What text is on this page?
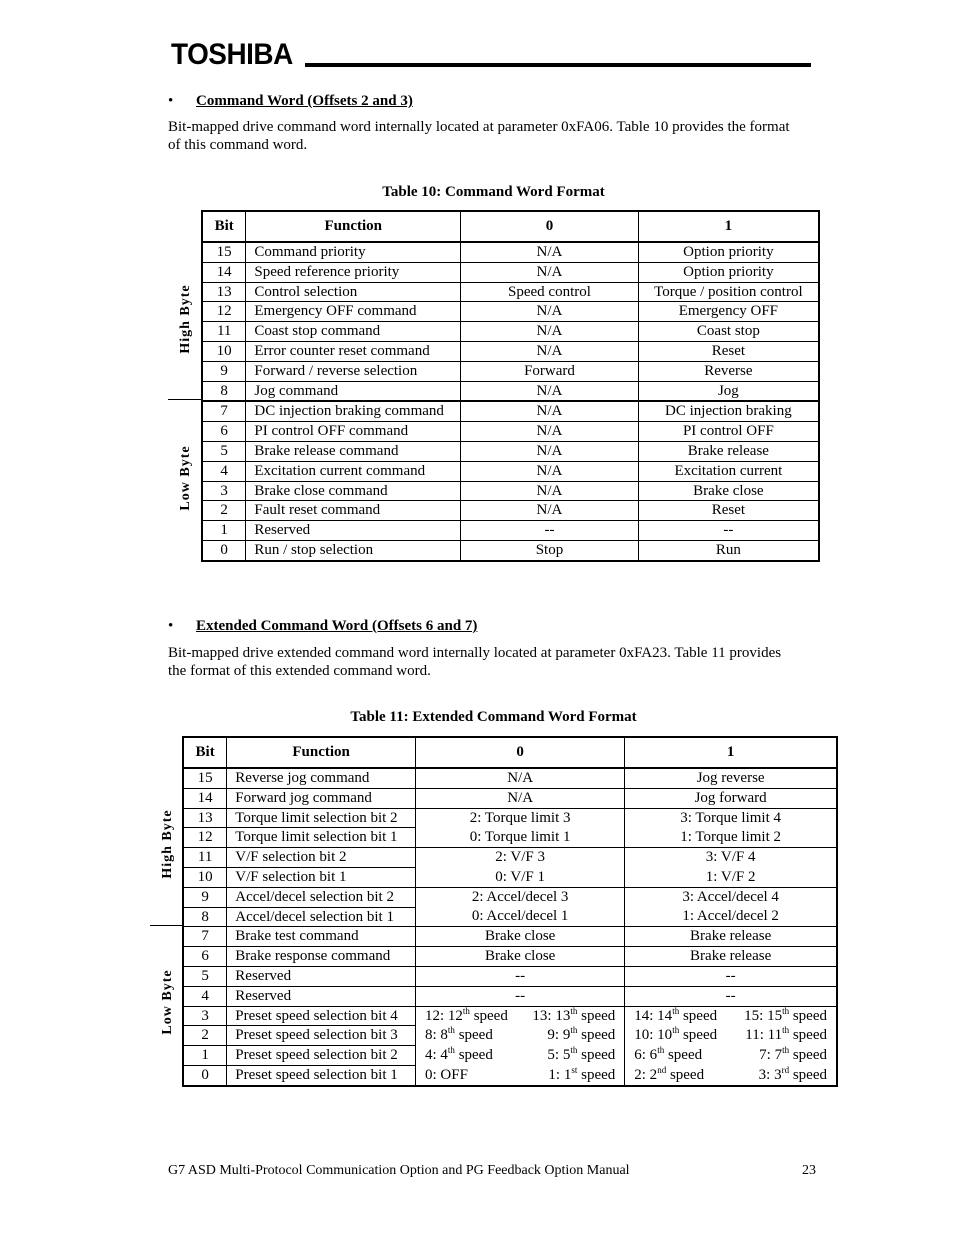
TOSHIBA
• Command Word (Offsets 2 and 3)
Bit-mapped drive command word internally located at parameter 0xFA06. Table 10 provides the format
of this command word.
Table 10: Command Word Format
High Byte
Low Byte
Bit	Function	0	1
15	Command priority	N/A	Option priority
14	Speed reference priority	N/A	Option priority
13	Control selection	Speed control	Torque / position control
12	Emergency OFF command	N/A	Emergency OFF
11	Coast stop command	N/A	Coast stop
10	Error counter reset command	N/A	Reset
9	Forward / reverse selection	Forward	Reverse
8	Jog command	N/A	Jog
7	DC injection braking command	N/A	DC injection braking
6	PI control OFF command	N/A	PI control OFF
5	Brake release command	N/A	Brake release
4	Excitation current command	N/A	Excitation current
3	Brake close command	N/A	Brake close
2	Fault reset command	N/A	Reset
1	Reserved	--	--
0	Run / stop selection	Stop	Run
• Extended Command Word (Offsets 6 and 7)
Bit-mapped drive extended command word internally located at parameter 0xFA23. Table 11 provides
the format of this extended command word.
Table 11: Extended Command Word Format
High Byte
Low Byte
Bit	Function	0	1
15	Reverse jog command	N/A	Jog reverse
14	Forward jog command	N/A	Jog forward
13	Torque limit selection bit 2	2: Torque limit 3	3: Torque limit 4
12	Torque limit selection bit 1	0: Torque limit 1	1: Torque limit 2
11	V/F selection bit 2	2: V/F 3	3: V/F 4
10	V/F selection bit 1	0: V/F 1	1: V/F 2
9	Accel/decel selection bit 2	2: Accel/decel 3	3: Accel/decel 4
8	Accel/decel selection bit 1	0: Accel/decel 1	1: Accel/decel 2
7	Brake test command	Brake close	Brake release
6	Brake response command	Brake close	Brake release
5	Reserved	--	--
4	Reserved	--	--
3	Preset speed selection bit 4	12: 12th speed 13: 13th speed	14: 14th speed 15: 15th speed

2	Preset speed selection bit 3	8: 8th speed 9: 9th speed	10: 10th speed 11: 11th speed

1	Preset speed selection bit 2	4: 4th speed 5: 5th speed	6: 6th speed 7: 7th speed

0	Preset speed selection bit 1	0: OFF 1: 1st speed	2: 2nd speed 3: 3rd speed
G7 ASD Multi-Protocol Communication Option and PG Feedback Option Manual	23
